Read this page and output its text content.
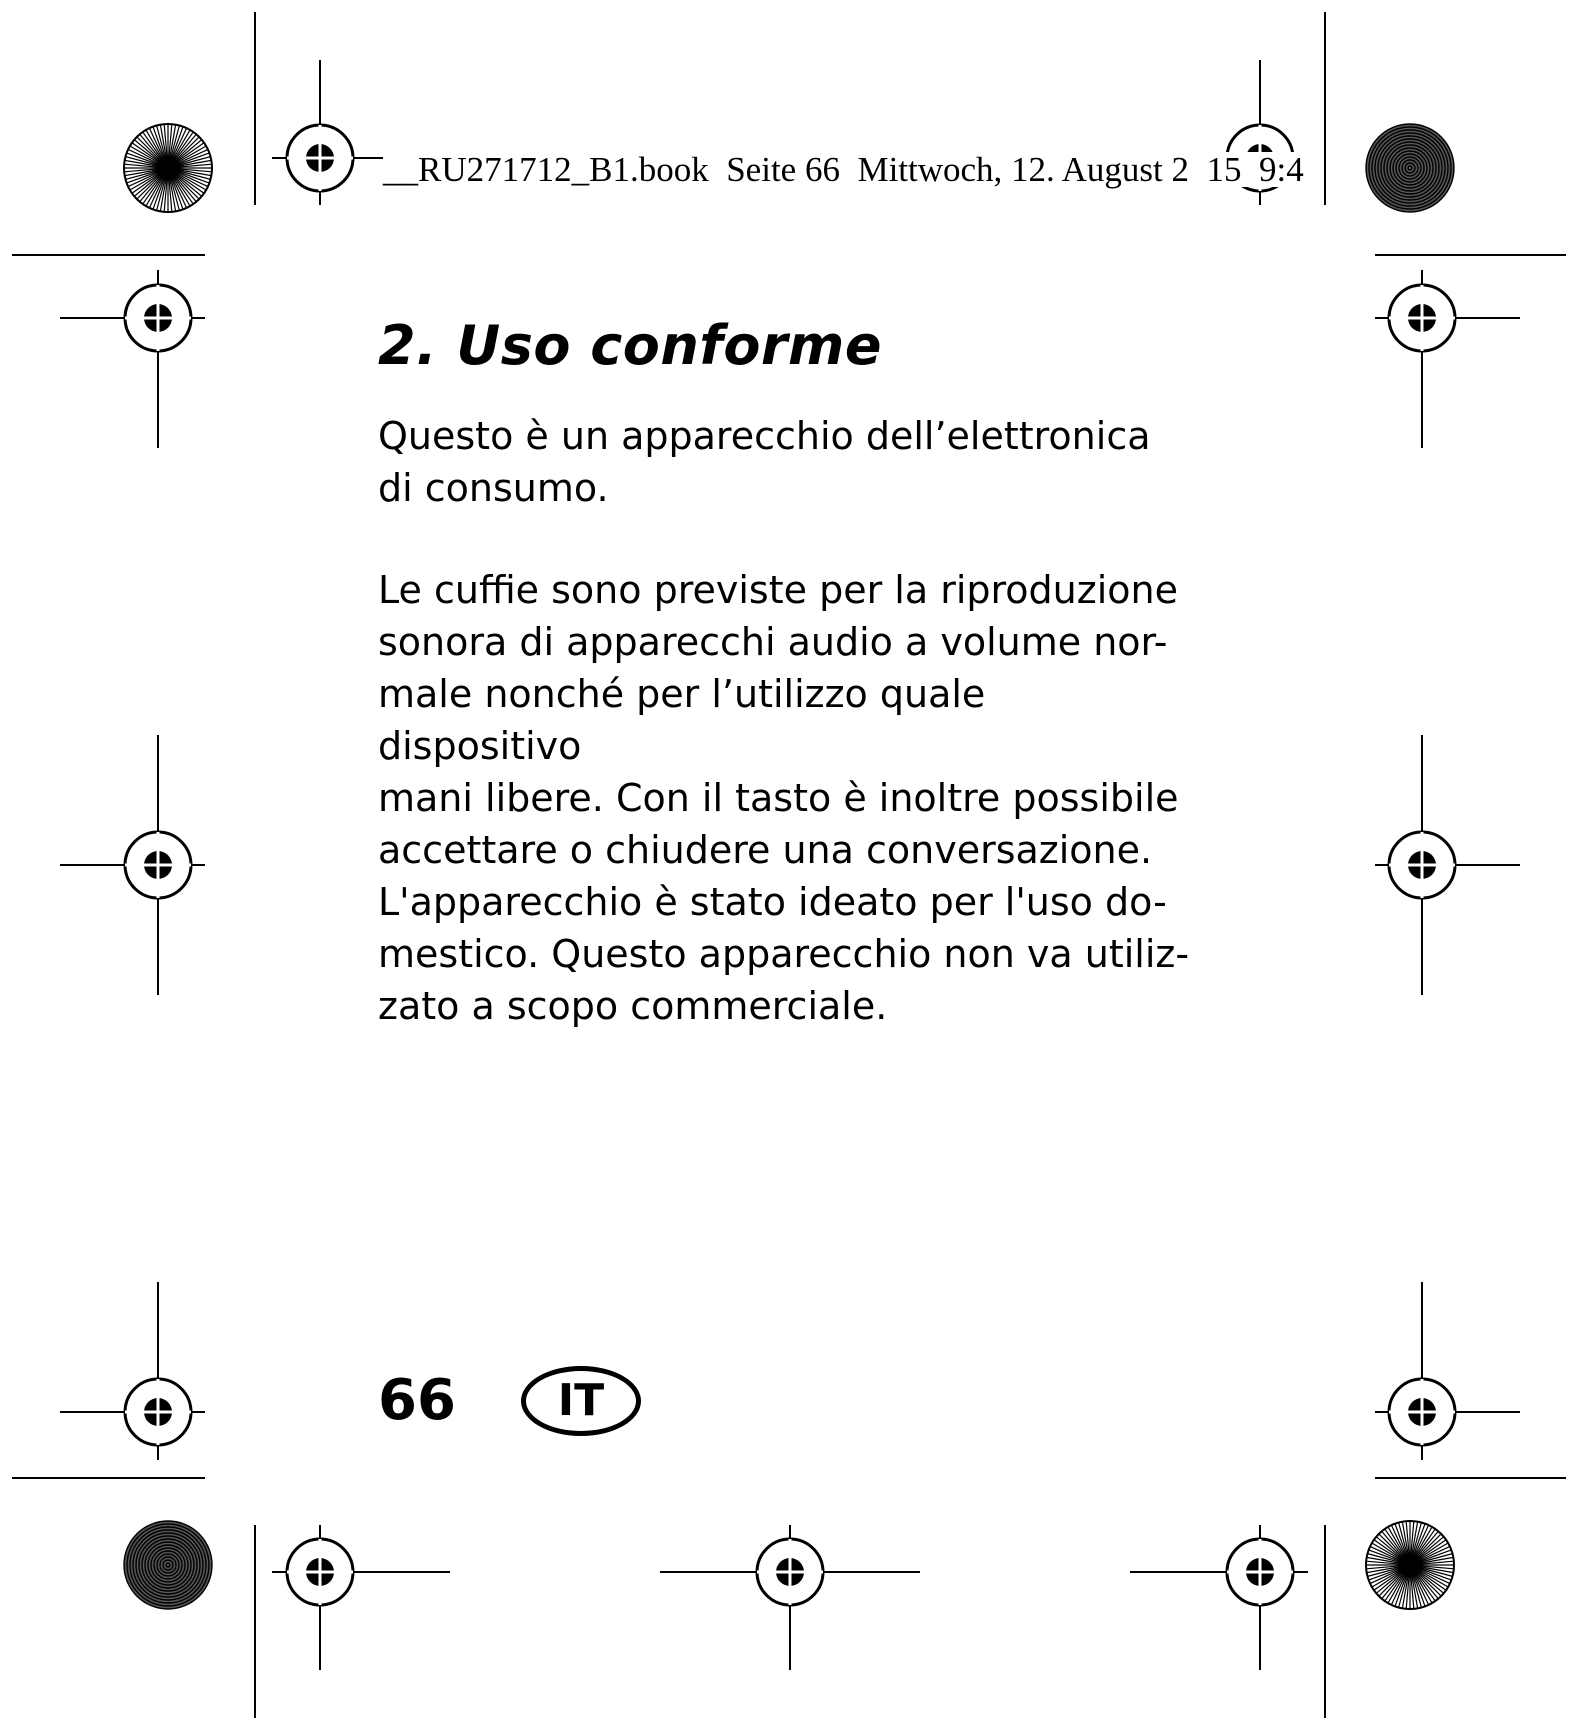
__RU271712_B1.book  Seite 66  Mittwoch, 12. August 2  15  9:4
2. Uso conforme

Questo è un apparecchio dell’elettronica
di consumo.

Le cuffie sono previste per la riproduzione
sonora di apparecchi audio a volume nor-
male nonché per l’utilizzo quale dispositivo
mani libere. Con il tasto è inoltre possibile
accettare o chiudere una conversazione.
L'apparecchio è stato ideato per l'uso do-
mestico. Questo apparecchio non va utiliz-
zato a scopo commerciale.

66	IT
